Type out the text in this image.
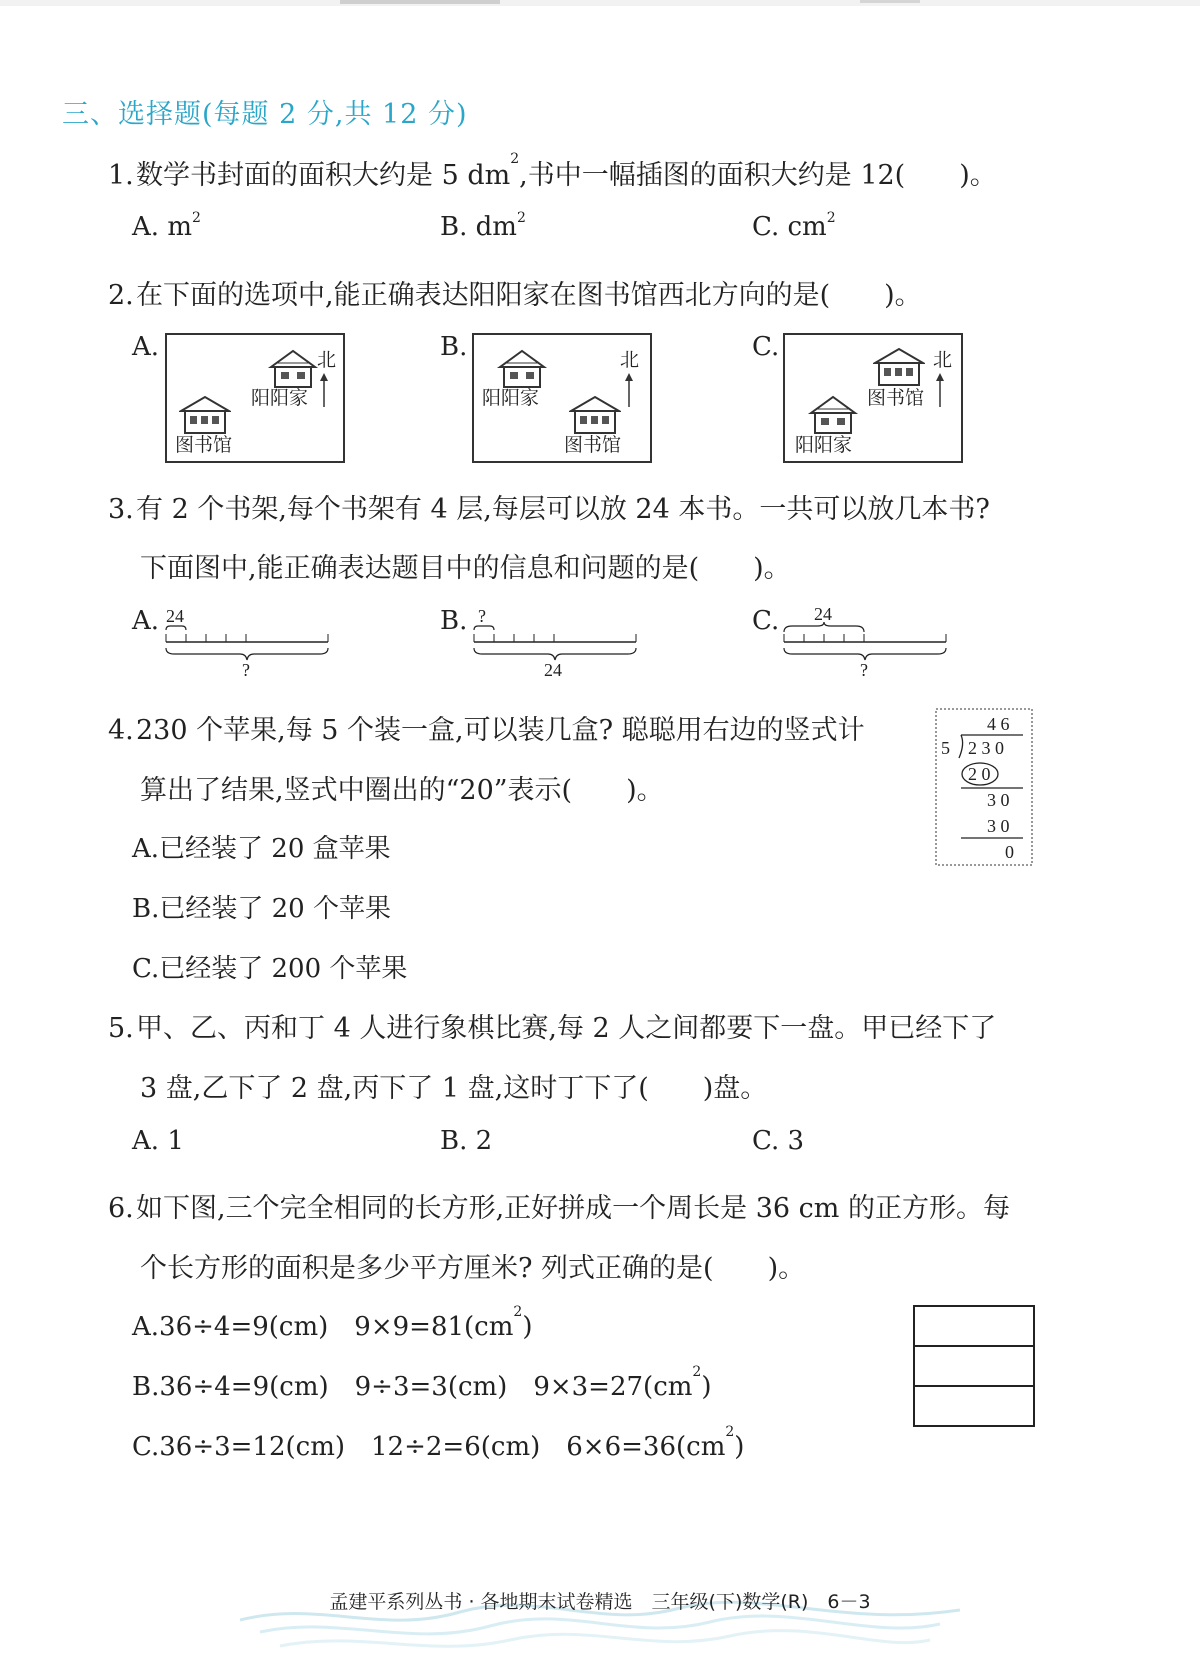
三、选择题(每题 2 分,共 12 分)
1.数学书封面的面积大约是 5 $dm^2$,书中一幅插图的面积大约是 12(　　)。
A. $m^2$	B. $dm^2$	C. $cm^2$
2.在下面的选项中,能正确表达阳阳家在图书馆西北方向的是(　　)。
A.
阳阳家
北
图书馆
B.
阳阳家
北
图书馆
C.
图书馆
北
阳阳家
3.有 2 个书架,每个书架有 4 层,每层可以放 24 本书。一共可以放几本书?
下面图中,能正确表达题目中的信息和问题的是(　　)。
A. 24
?
B. ?
24
C. 24
?
4.230 个苹果,每 5 个装一盒,可以装几盒? 聪聪用右边的竖式计
算出了结果,竖式中圈出的“20”表示(　　)。
A.已经装了 20 盒苹果
B.已经装了 20 个苹果
C.已经装了 200 个苹果
4 6
5 2 3 0
2 0
3 0
3 0
0
5.甲、乙、丙和丁 4 人进行象棋比赛,每 2 人之间都要下一盘。甲已经下了
3 盘,乙下了 2 盘,丙下了 1 盘,这时丁下了(　　)盘。
A. 1	B. 2	C. 3
6.如下图,三个完全相同的长方形,正好拼成一个周长是 36 cm 的正方形。每
个长方形的面积是多少平方厘米? 列式正确的是(　　)。
A.36÷4=9(cm)　$9\times 9=81(cm^2)$
B.36÷4=9(cm)　9÷3=3(cm)　$9\times 3=27(cm^2)$
C.36÷3=12(cm)　12÷2=6(cm)　$6\times 6=36(cm^2)$
孟建平系列丛书 · 各地期末试卷精选　三年级(下)数学(R)　6－3
